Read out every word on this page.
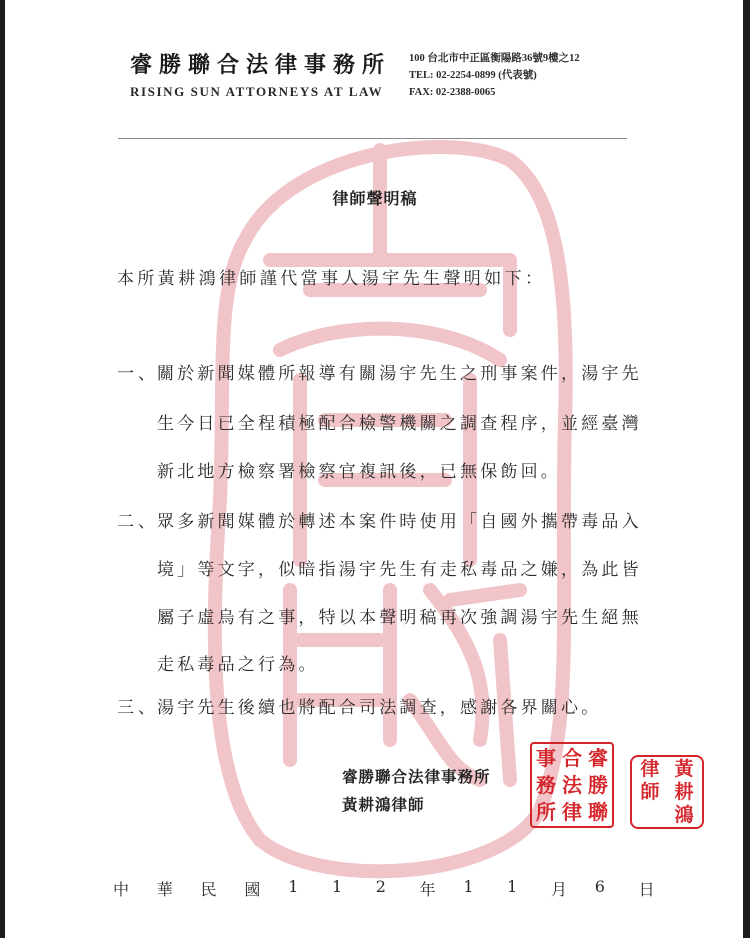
睿勝聯合法律事務所
RISING SUN ATTORNEYS AT LAW
100 台北市中正區衡陽路36號9樓之12
TEL: 02-2254-0899 (代表號)
FAX: 02-2388-0065
律師聲明稿
本所黃耕鴻律師謹代當事人湯宇先生聲明如下：
一、關於新聞媒體所報導有關湯宇先生之刑事案件，湯宇先
生今日已全程積極配合檢警機關之調查程序，並經臺灣
新北地方檢察署檢察官複訊後，已無保飭回。
二、眾多新聞媒體於轉述本案件時使用「自國外攜帶毒品入
境」等文字，似暗指湯宇先生有走私毒品之嫌，為此皆
屬子虛烏有之事，特以本聲明稿再次強調湯宇先生絕無
走私毒品之行為。
三、湯宇先生後續也將配合司法調查，感謝各界關心。
睿勝聯合法律事務所
黃耕鴻律師
事 合 睿
務 法 勝
所 律 聯
律 黃
師 耕
鴻
中	華	民	國	1	1	2	年	1	1	月	6	日
